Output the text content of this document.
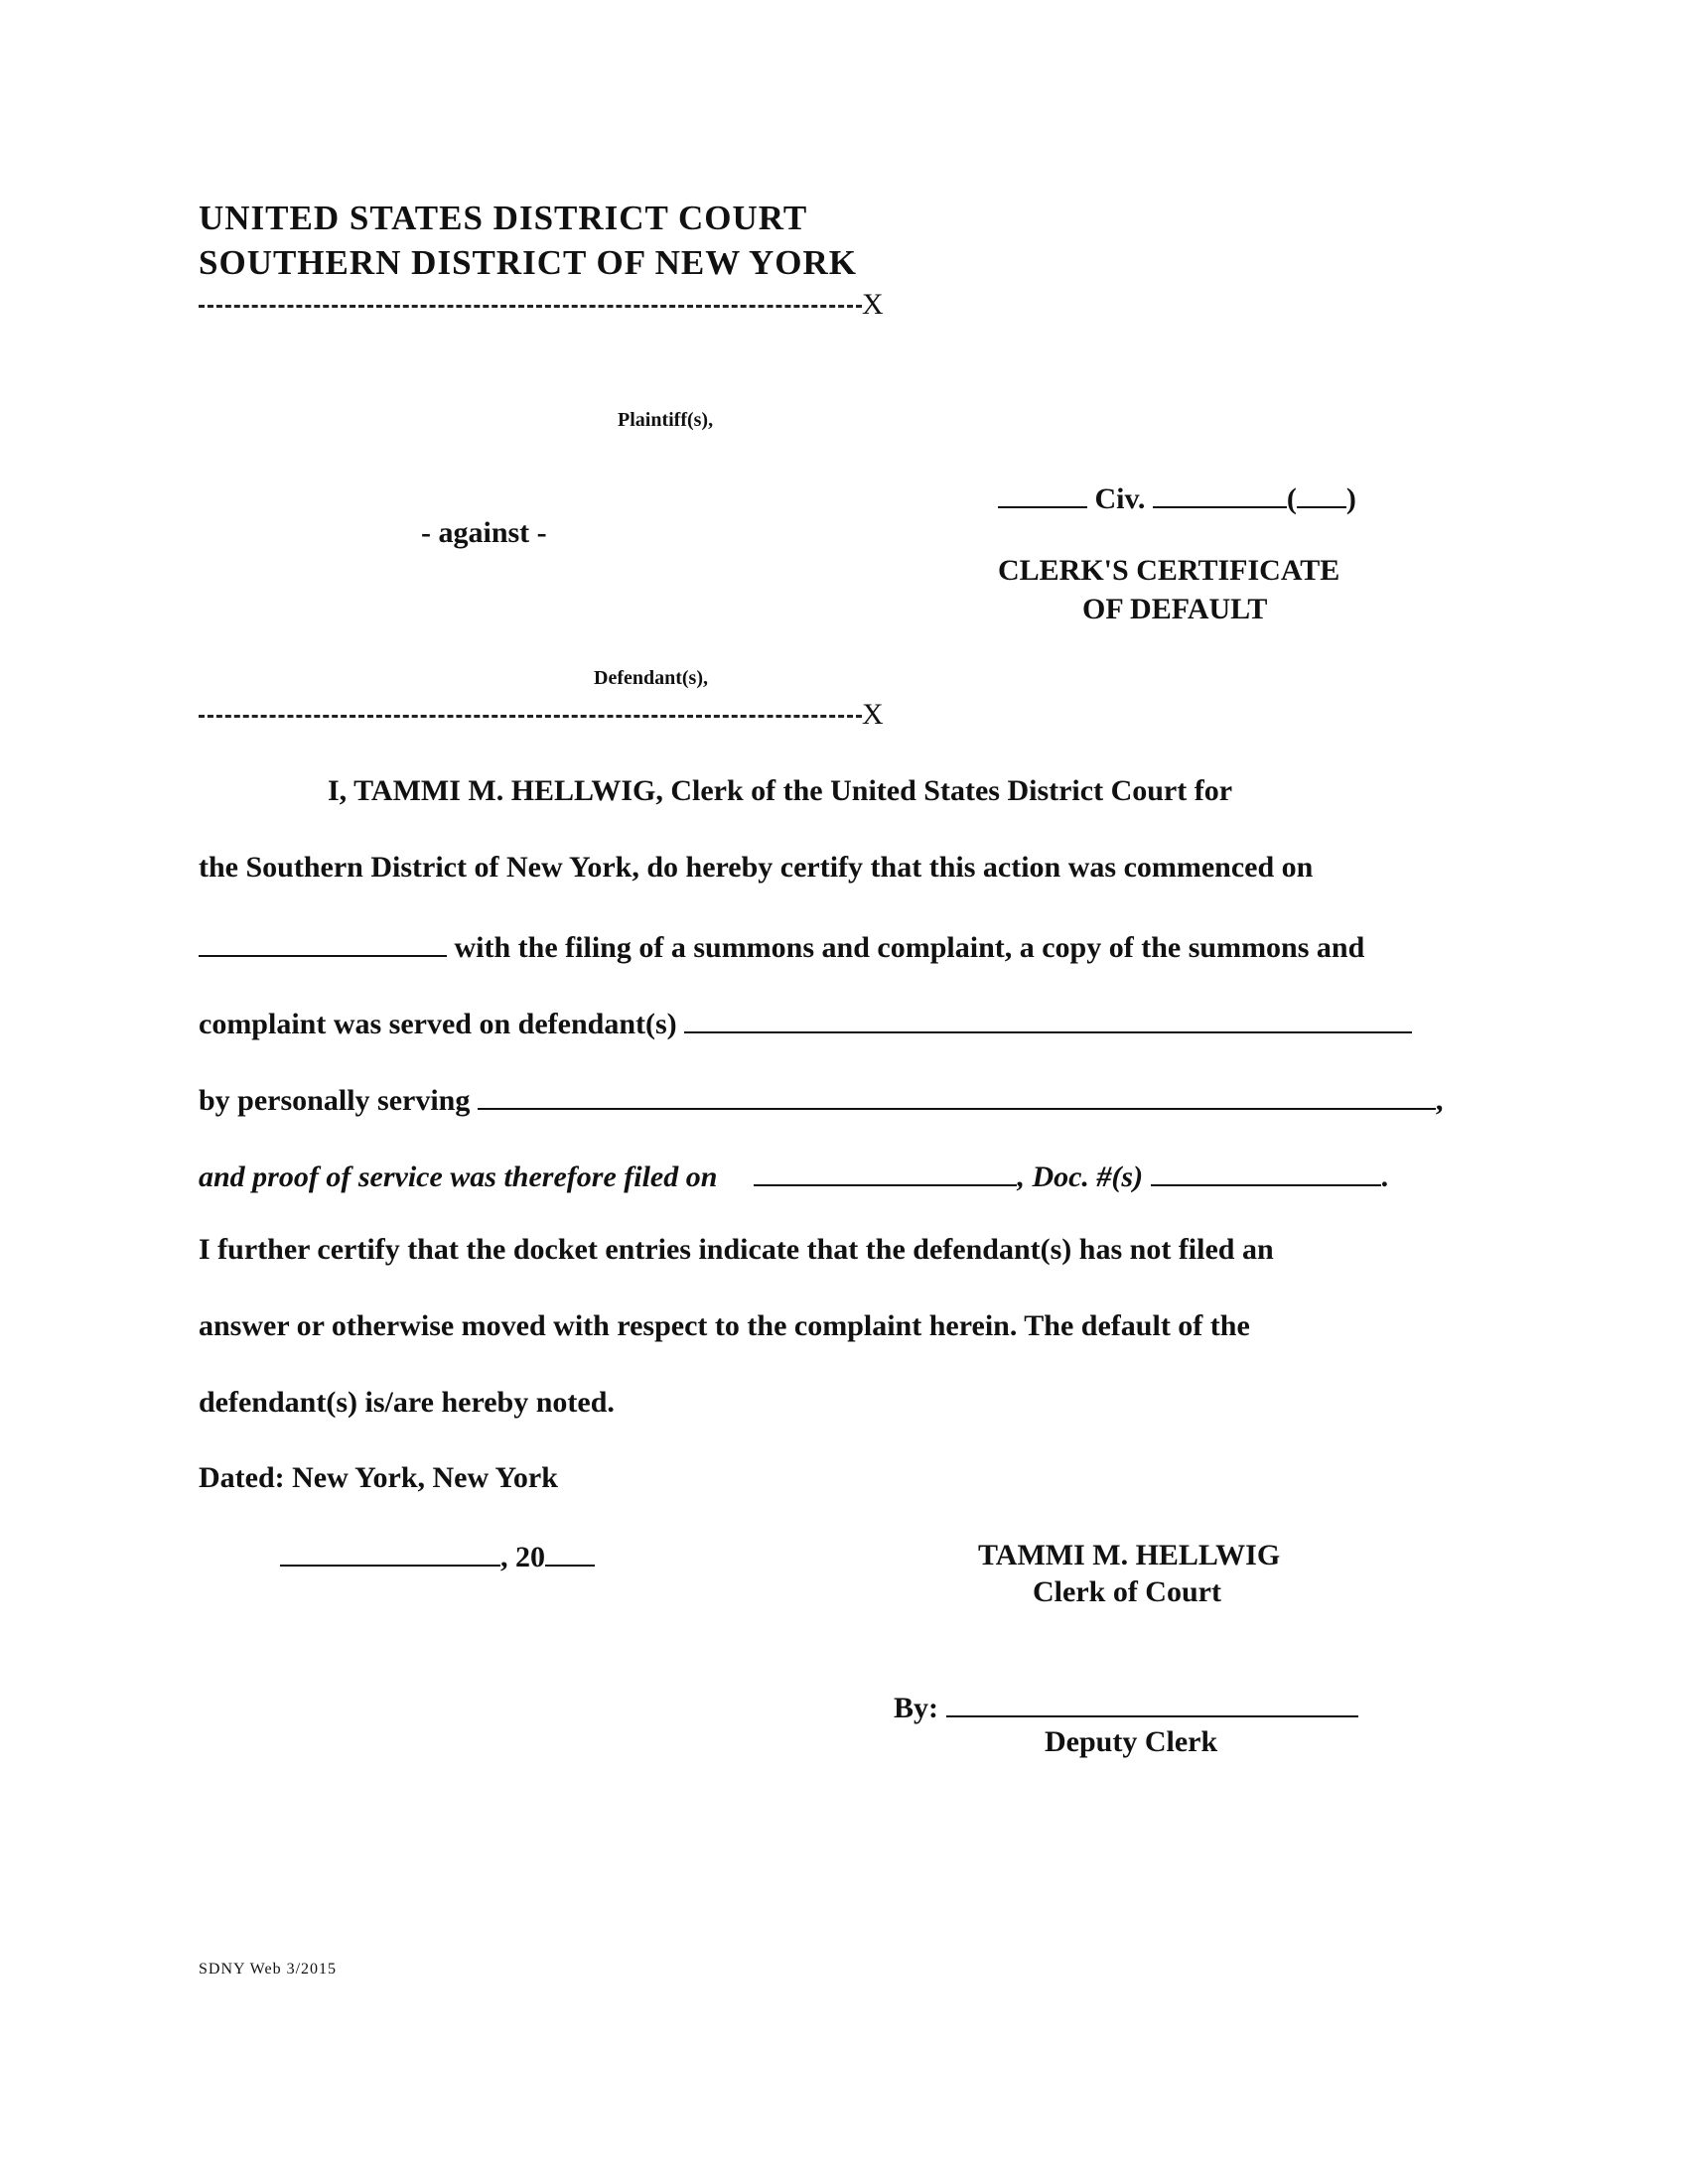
UNITED STATES DISTRICT COURT
SOUTHERN DISTRICT OF NEW YORK
X
Plaintiff(s),
- against -
Defendant(s),
X
Civ.	( )
CLERK'S CERTIFICATE
OF DEFAULT
I, TAMMI M. HELLWIG, Clerk of the United States District Court for
the Southern District of New York, do hereby certify that this action was commenced on
with the filing of a summons and complaint, a copy of the summons and
complaint was served on defendant(s)
by personally serving	,
and proof of service was therefore filed on	, Doc. #(s)	.
I further certify that the docket entries indicate that the defendant(s) has not filed an
answer or otherwise moved with respect to the complaint herein. The default of the
defendant(s) is/are hereby noted.
Dated: New York, New York
, 20	TAMMI M. HELLWIG
Clerk of Court
By:
Deputy Clerk
SDNY Web 3/2015
